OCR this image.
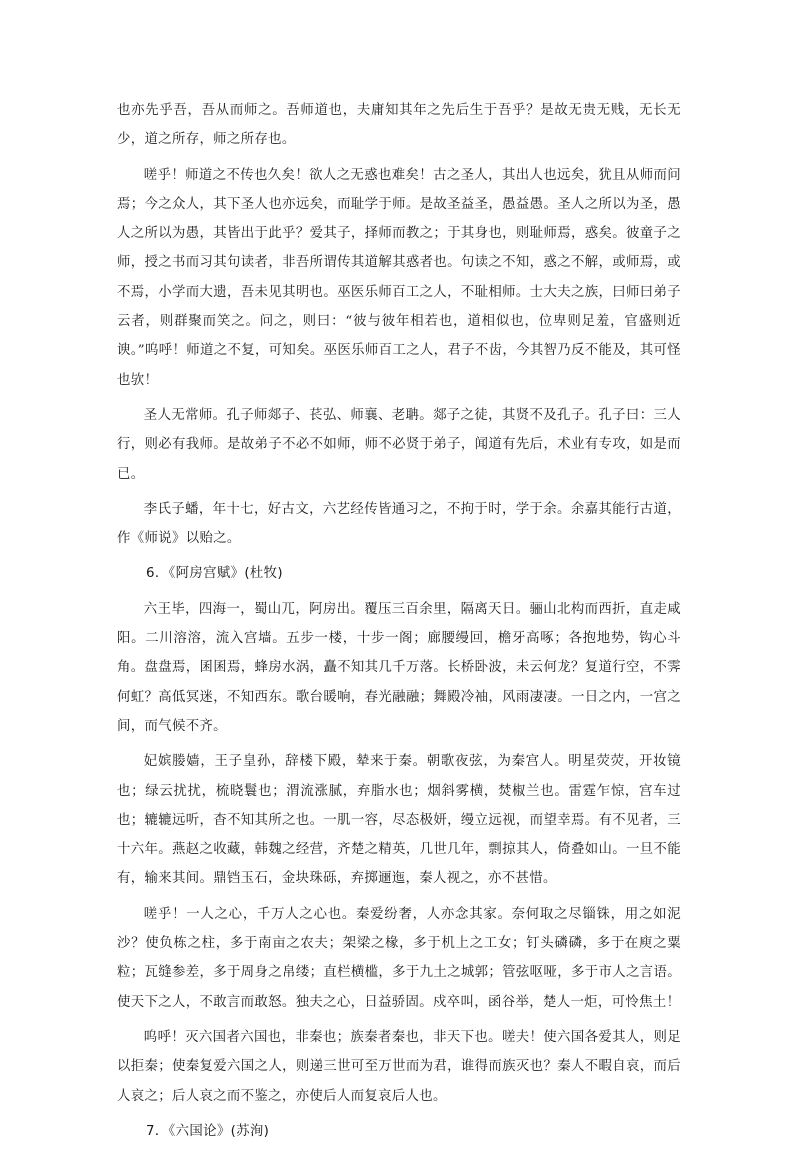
也亦先乎吾，吾从而师之。吾师道也，夫庸知其年之先后生于吾乎？是故无贵无贱，无长无少，道之所存，师之所存也。

嗟乎！师道之不传也久矣！欲人之无惑也难矣！古之圣人，其出人也远矣，犹且从师而问焉；今之众人，其下圣人也亦远矣，而耻学于师。是故圣益圣，愚益愚。圣人之所以为圣，愚人之所以为愚，其皆出于此乎？爱其子，择师而教之；于其身也，则耻师焉，惑矣。彼童子之师，授之书而习其句读者，非吾所谓传其道解其惑者也。句读之不知，惑之不解，或师焉，或不焉，小学而大遗，吾未见其明也。巫医乐师百工之人，不耻相师。士大夫之族，曰师曰弟子云者，则群聚而笑之。问之，则曰：“彼与彼年相若也，道相似也，位卑则足羞，官盛则近谀。”呜呼！师道之不复，可知矣。巫医乐师百工之人，君子不齿，今其智乃反不能及，其可怪也欤！

圣人无常师。孔子师郯子、苌弘、师襄、老聃。郯子之徒，其贤不及孔子。孔子曰：三人行，则必有我师。是故弟子不必不如师，师不必贤于弟子，闻道有先后，术业有专攻，如是而已。

李氏子蟠，年十七，好古文，六艺经传皆通习之，不拘于时，学于余。余嘉其能行古道，作《师说》以贻之。

6．《阿房宫赋》(杜牧)

六王毕，四海一，蜀山兀，阿房出。覆压三百余里，隔离天日。骊山北构而西折，直走咸阳。二川溶溶，流入宫墙。五步一楼，十步一阁；廊腰缦回，檐牙高啄；各抱地势，钩心斗角。盘盘焉，囷囷焉，蜂房水涡，矗不知其几千万落。长桥卧波，未云何龙？复道行空，不霁何虹？高低冥迷，不知西东。歌台暖响，春光融融；舞殿冷袖，风雨凄凄。一日之内，一宫之间，而气候不齐。

妃嫔媵嫱，王子皇孙，辞楼下殿，辇来于秦。朝歌夜弦，为秦宫人。明星荧荧，开妆镜也；绿云扰扰，梳晓鬟也；渭流涨腻，弃脂水也；烟斜雾横，焚椒兰也。雷霆乍惊，宫车过也；辘辘远听，杳不知其所之也。一肌一容，尽态极妍，缦立远视，而望幸焉。有不见者，三十六年。燕赵之收藏，韩魏之经营，齐楚之精英，几世几年，剽掠其人，倚叠如山。一旦不能有，输来其间。鼎铛玉石，金块珠砾，弃掷逦迤，秦人视之，亦不甚惜。

嗟乎！一人之心，千万人之心也。秦爱纷奢，人亦念其家。奈何取之尽锱铢，用之如泥沙？使负栋之柱，多于南亩之农夫；架梁之椽，多于机上之工女；钉头磷磷，多于在庾之粟粒；瓦缝参差，多于周身之帛缕；直栏横槛，多于九土之城郭；管弦呕哑，多于市人之言语。使天下之人，不敢言而敢怒。独夫之心，日益骄固。戍卒叫，函谷举，楚人一炬，可怜焦土！

呜呼！灭六国者六国也，非秦也；族秦者秦也，非天下也。嗟夫！使六国各爱其人，则足以拒秦；使秦复爱六国之人，则递三世可至万世而为君，谁得而族灭也？秦人不暇自哀，而后人哀之；后人哀之而不鉴之，亦使后人而复哀后人也。

7．《六国论》(苏洵)
